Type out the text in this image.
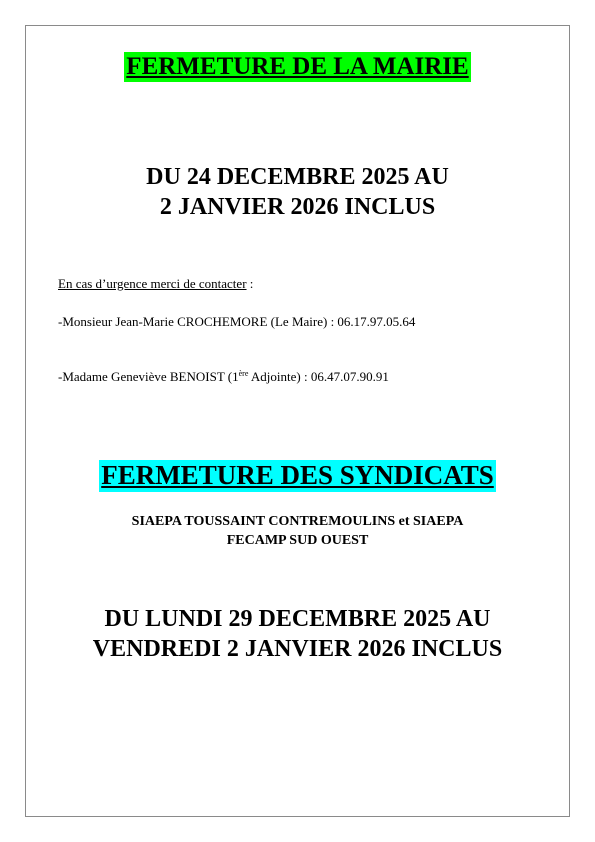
FERMETURE DE LA MAIRIE
DU 24 DECEMBRE 2025 AU
2 JANVIER 2026 INCLUS
En cas d’urgence merci de contacter :
-Monsieur Jean-Marie CROCHEMORE (Le Maire) : 06.17.97.05.64
-Madame Geneviève BENOIST (1ère Adjointe) : 06.47.07.90.91
FERMETURE DES SYNDICATS
SIAEPA TOUSSAINT CONTREMOULINS et SIAEPA
FECAMP SUD OUEST
DU LUNDI 29 DECEMBRE 2025 AU
VENDREDI 2 JANVIER 2026 INCLUS
